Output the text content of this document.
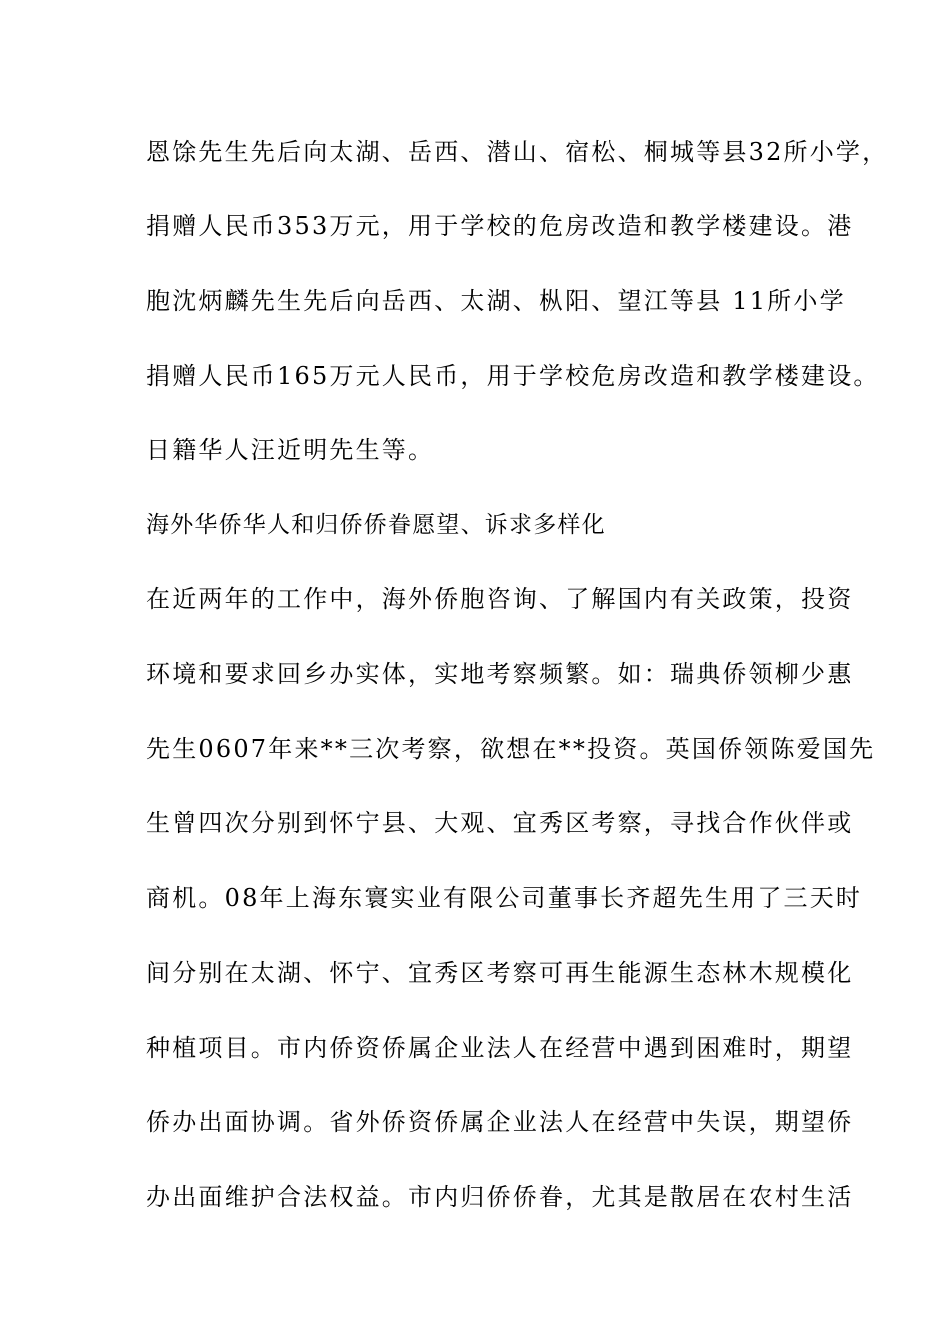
恩馀先生先后向太湖、岳西、潜山、宿松、桐城等县32所小学，
捐赠人民币353万元，用于学校的危房改造和教学楼建设。港
胞沈炳麟先生先后向岳西、太湖、枞阳、望江等县 11所小学
捐赠人民币165万元人民币，用于学校危房改造和教学楼建设。
日籍华人汪近明先生等。
海外华侨华人和归侨侨眷愿望、诉求多样化
在近两年的工作中，海外侨胞咨询、了解国内有关政策，投资
环境和要求回乡办实体，实地考察频繁。如：瑞典侨领柳少惠
先生0607年来**三次考察，欲想在**投资。英国侨领陈爱国先
生曾四次分别到怀宁县、大观、宜秀区考察，寻找合作伙伴或
商机。08年上海东寰实业有限公司董事长齐超先生用了三天时
间分别在太湖、怀宁、宜秀区考察可再生能源生态林木规模化
种植项目。市内侨资侨属企业法人在经营中遇到困难时，期望
侨办出面协调。省外侨资侨属企业法人在经营中失误，期望侨
办出面维护合法权益。市内归侨侨眷，尤其是散居在农村生活
